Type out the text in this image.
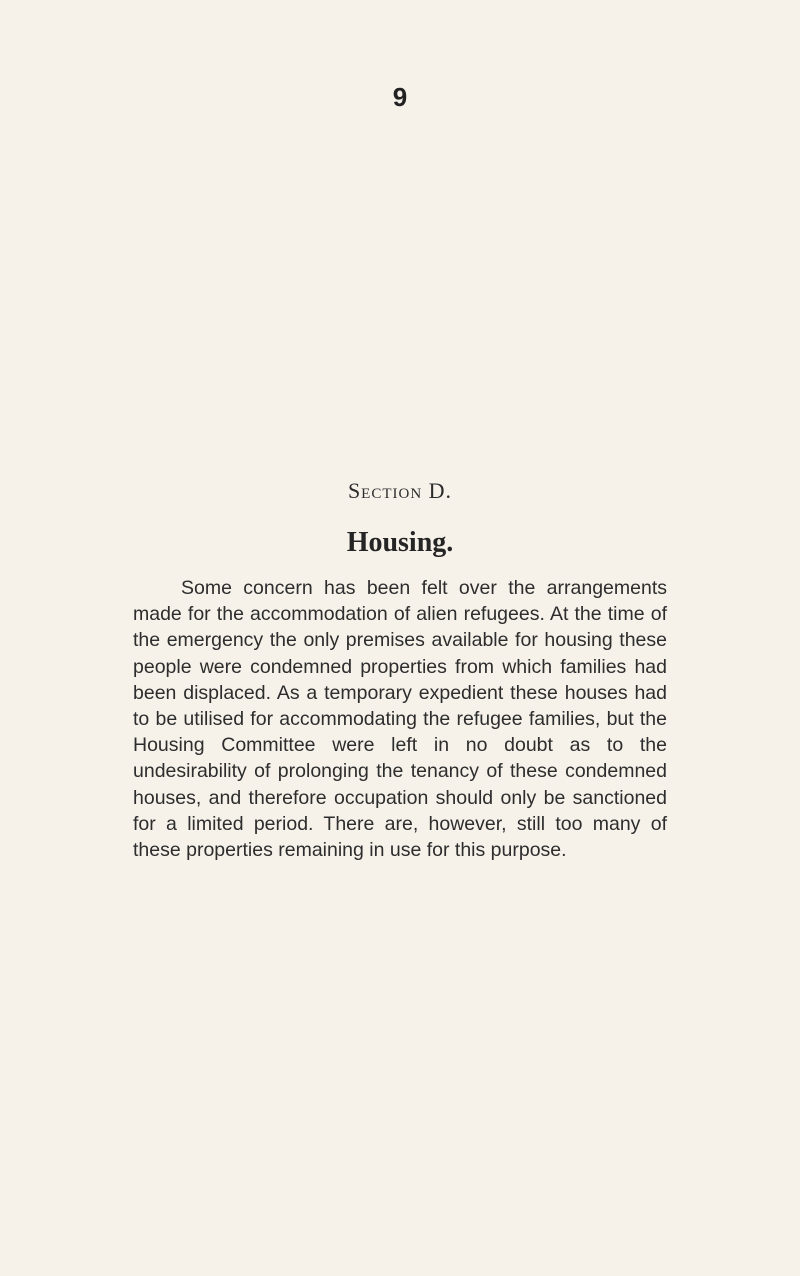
9
Section D.
Housing.

Some concern has been felt over the arrangements made for the accommodation of alien refugees. At the time of the emergency the only premises available for housing these people were condemned properties from which families had been displaced. As a temporary expedient these houses had to be utilised for accommodating the refugee families, but the Housing Committee were left in no doubt as to the undesirability of prolonging the tenancy of these condemned houses, and therefore occupation should only be sanctioned for a limited period. There are, however, still too many of these properties remaining in use for this purpose.
